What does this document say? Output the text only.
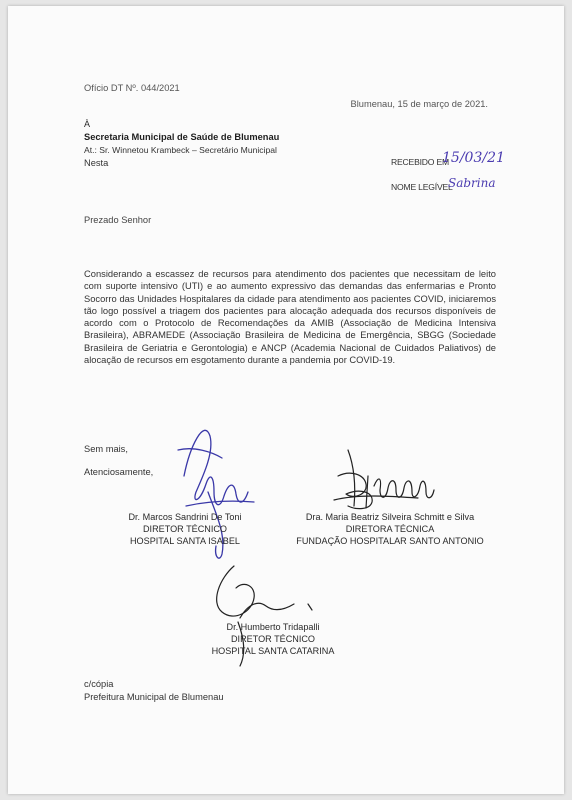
Ofício DT Nº. 044/2021
Blumenau, 15 de março de 2021.
À
Secretaria Municipal de Saúde de Blumenau
At.: Sr. Winnetou Krambeck – Secretário Municipal
Nesta	RECEBIDO EM
15/03/21
NOME LEGÍVEL
Sabrina
Prezado Senhor
Considerando a escassez de recursos para atendimento dos pacientes que necessitam de leito com suporte intensivo (UTI) e ao aumento expressivo das demandas das enfermarias e Pronto Socorro das Unidades Hospitalares da cidade para atendimento aos pacientes COVID, iniciaremos tão logo possível a triagem dos pacientes para alocação adequada dos recursos disponíveis de acordo com o Protocolo de Recomendações da AMIB (Associação de Medicina Intensiva Brasileira), ABRAMEDE (Associação Brasileira de Medicina de Emergência, SBGG (Sociedade Brasileira de Geriatria e Gerontologia) e ANCP (Academia Nacional de Cuidados Paliativos) de alocação de recursos em esgotamento durante a pandemia por COVID-19.
Sem mais,
Atenciosamente,
Dr. Marcos Sandrini De Toni
DIRETOR TÉCNICO
HOSPITAL SANTA ISABEL
Dra. Maria Beatriz Silveira Schmitt e Silva
DIRETORA TÉCNICA
FUNDAÇÃO HOSPITALAR SANTO ANTONIO
Dr. Humberto Tridapalli
DIRETOR TÉCNICO
HOSPITAL SANTA CATARINA
c/cópia
Prefeitura Municipal de Blumenau
